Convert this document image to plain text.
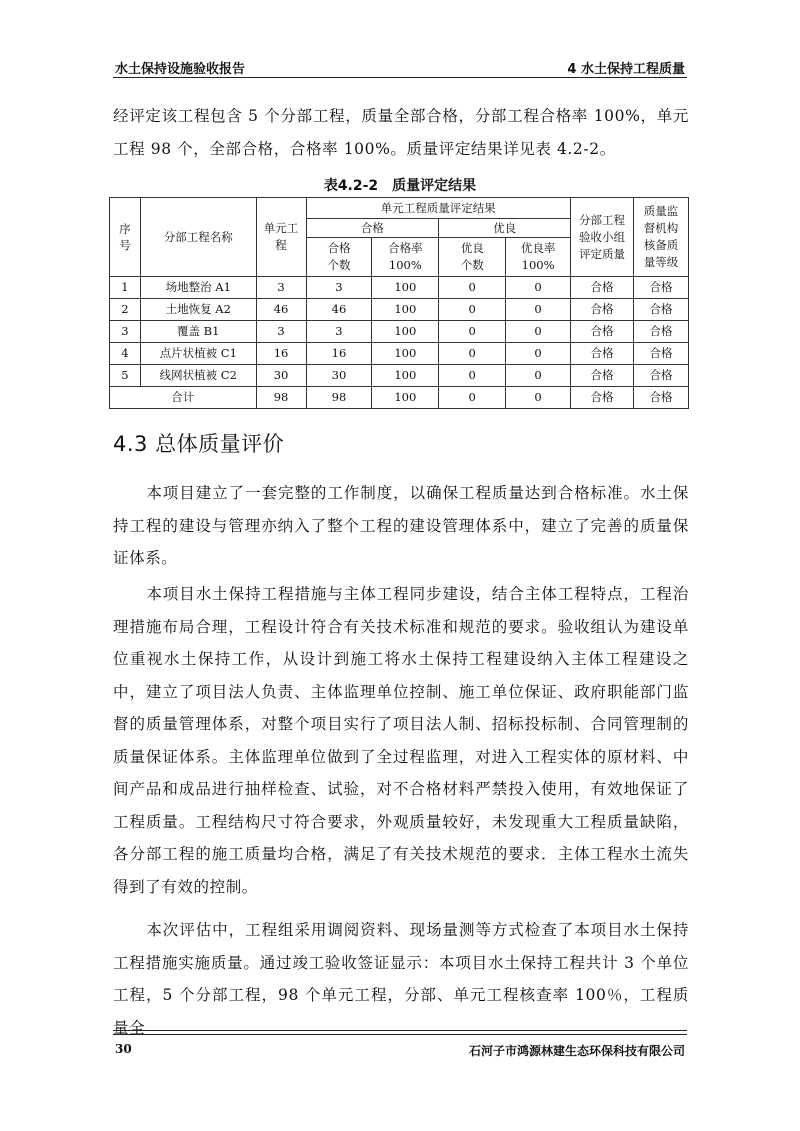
水土保持设施验收报告	4 水土保持工程质量
经评定该工程包含 5 个分部工程，质量全部合格，分部工程合格率 100%，单元工程 98 个，全部合格，合格率 100%。质量评定结果详见表 4.2-2。
表4.2-2　质量评定结果
序号	分部工程名称	单元工程	单元工程质量评定结果				分部工程验收小组评定质量	质量监督机构核备质量等级
			合格		优良			
			合格个数	合格率100%	优良个数	优良率100%		
1	场地整治 A1	3	3	100	0	0	合格	合格
2	土地恢复 A2	46	46	100	0	0	合格	合格
3	覆盖 B1	3	3	100	0	0	合格	合格
4	点片状植被 C1	16	16	100	0	0	合格	合格
5	线网状植被 C2	30	30	100	0	0	合格	合格
合计		98	98	100	0	0	合格	合格
4.3 总体质量评价
本项目建立了一套完整的工作制度，以确保工程质量达到合格标准。水土保持工程的建设与管理亦纳入了整个工程的建设管理体系中，建立了完善的质量保证体系。
本项目水土保持工程措施与主体工程同步建设，结合主体工程特点，工程治理措施布局合理，工程设计符合有关技术标准和规范的要求。验收组认为建设单位重视水土保持工作，从设计到施工将水土保持工程建设纳入主体工程建设之中，建立了项目法人负责、主体监理单位控制、施工单位保证、政府职能部门监督的质量管理体系，对整个项目实行了项目法人制、招标投标制、合同管理制的质量保证体系。主体监理单位做到了全过程监理，对进入工程实体的原材料、中间产品和成品进行抽样检查、试验，对不合格材料严禁投入使用，有效地保证了工程质量。工程结构尺寸符合要求，外观质量较好，未发现重大工程质量缺陷，各分部工程的施工质量均合格，满足了有关技术规范的要求．主体工程水土流失得到了有效的控制。
本次评估中，工程组采用调阅资料、现场量测等方式检查了本项目水土保持工程措施实施质量。通过竣工验收签证显示：本项目水土保持工程共计 3 个单位工程，5 个分部工程，98 个单元工程，分部、单元工程核查率 100％，工程质量全
30	石河子市鸿源林建生态环保科技有限公司
